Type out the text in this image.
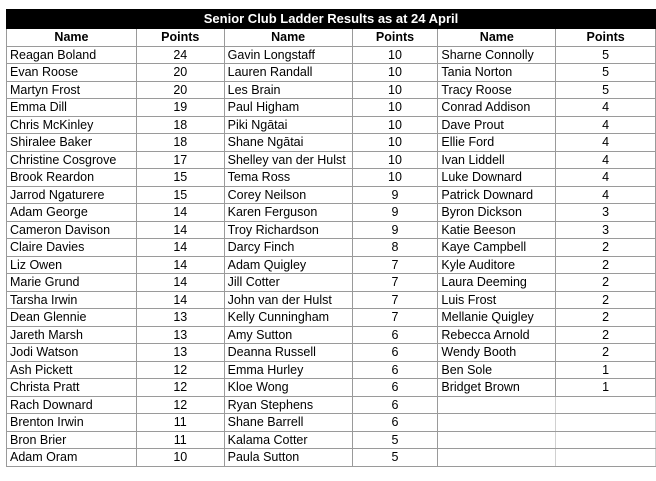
Senior Club Ladder Results as at 24 April					
Name	Points	Name	Points	Name	Points
Reagan Boland	24	Gavin Longstaff	10	Sharne Connolly	5
Evan Roose	20	Lauren Randall	10	Tania Norton	5
Martyn Frost	20	Les Brain	10	Tracy Roose	5
Emma Dill	19	Paul Higham	10	Conrad Addison	4
Chris McKinley	18	Piki Ngātai	10	Dave Prout	4
Shiralee Baker	18	Shane Ngātai	10	Ellie Ford	4
Christine Cosgrove	17	Shelley van der Hulst	10	Ivan Liddell	4
Brook Reardon	15	Tema Ross	10	Luke Downard	4
Jarrod Ngaturere	15	Corey Neilson	9	Patrick Downard	4
Adam George	14	Karen Ferguson	9	Byron Dickson	3
Cameron Davison	14	Troy Richardson	9	Katie Beeson	3
Claire Davies	14	Darcy Finch	8	Kaye Campbell	2
Liz Owen	14	Adam Quigley	7	Kyle Auditore	2
Marie Grund	14	Jill Cotter	7	Laura Deeming	2
Tarsha Irwin	14	John van der Hulst	7	Luis Frost	2
Dean Glennie	13	Kelly Cunningham	7	Mellanie Quigley	2
Jareth Marsh	13	Amy Sutton	6	Rebecca Arnold	2
Jodi Watson	13	Deanna Russell	6	Wendy Booth	2
Ash Pickett	12	Emma Hurley	6	Ben Sole	1
Christa Pratt	12	Kloe Wong	6	Bridget Brown	1
Rach Downard	12	Ryan Stephens	6		
Brenton Irwin	11	Shane Barrell	6		
Bron Brier	11	Kalama Cotter	5		
Adam Oram	10	Paula Sutton	5		
